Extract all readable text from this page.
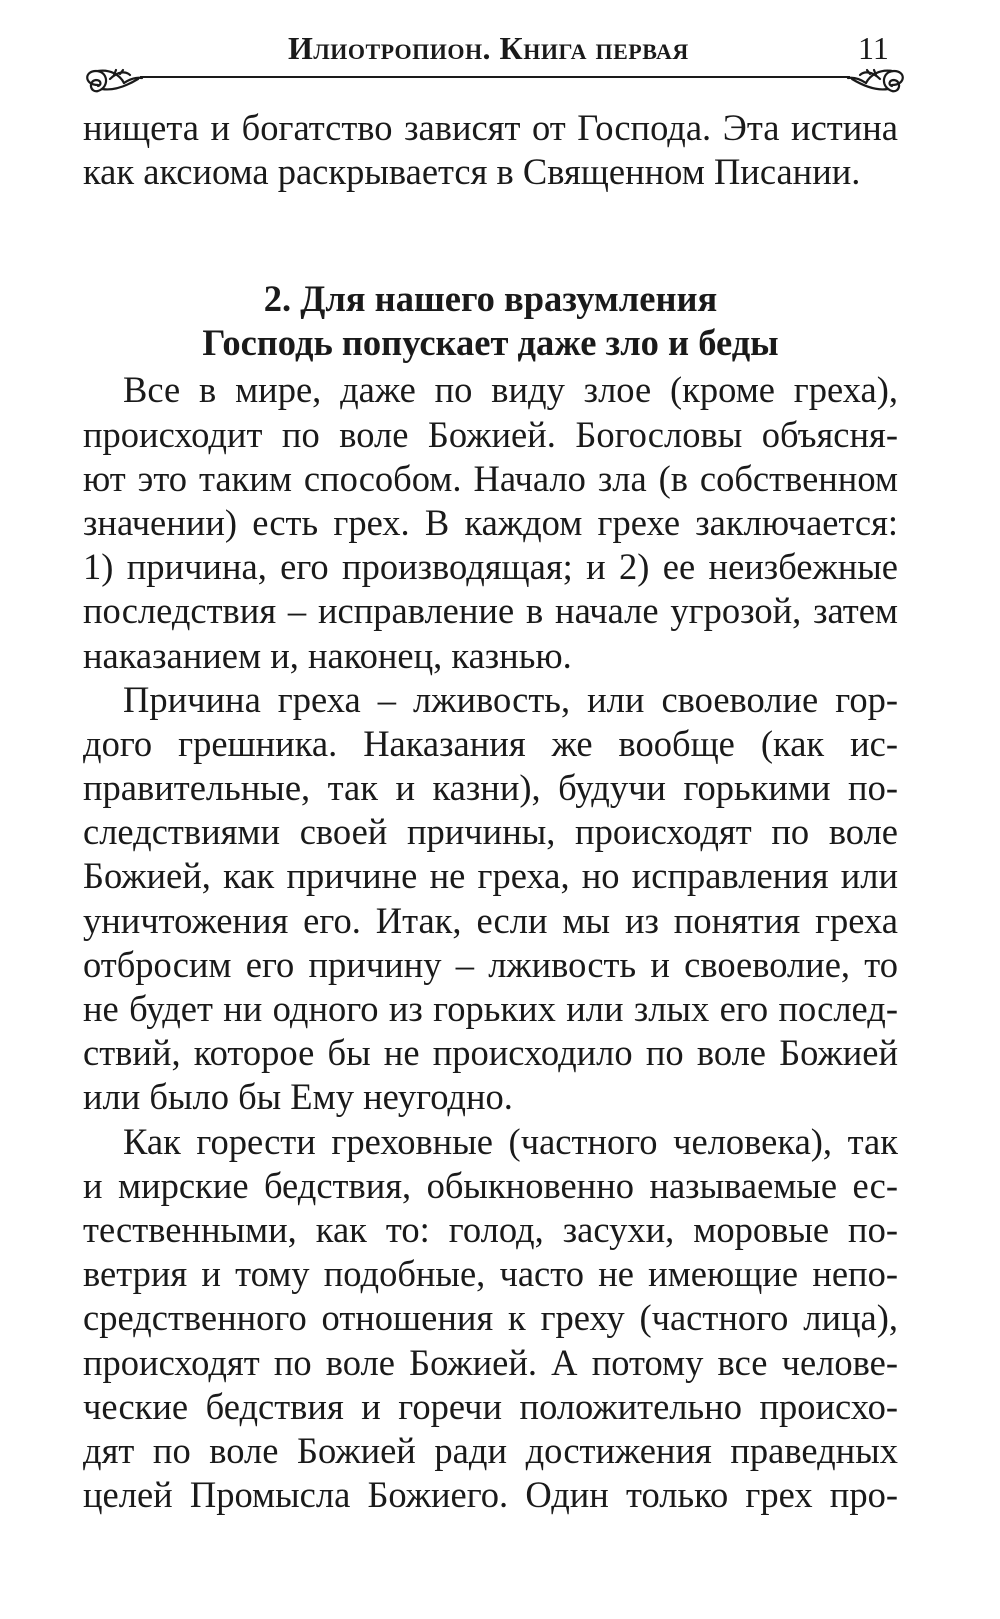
Илиотропион. Книга первая	11
нищета и богатство зависят от Господа. Эта истина
как аксиома раскрывается в Священном Писании.
2. Для нашего вразумления
Господь попускает даже зло и беды
Все в мире, даже по виду злое (кроме греха),
происходит по воле Божией. Богословы объясня-
ют это таким способом. Начало зла (в собственном
значении) есть грех. В каждом грехе заключается:
1) причина, его производящая; и 2) ее неизбежные
последствия – исправление в начале угрозой, затем
наказанием и, наконец, казнью.
Причина греха – лживость, или своеволие гор-
дого грешника. Наказания же вообще (как ис-
правительные, так и казни), будучи горькими по-
следствиями своей причины, происходят по воле
Божией, как причине не греха, но исправления или
уничтожения его. Итак, если мы из понятия греха
отбросим его причину – лживость и своеволие, то
не будет ни одного из горьких или злых его послед-
ствий, которое бы не происходило по воле Божией
или было бы Ему неугодно.
Как горести греховные (частного человека), так
и мирские бедствия, обыкновенно называемые ес-
тественными, как то: голод, засухи, моровые по-
ветрия и тому подобные, часто не имеющие непо-
средственного отношения к греху (частного лица),
происходят по воле Божией. А потому все челове-
ческие бедствия и горечи положительно происхо-
дят по воле Божией ради достижения праведных
целей Промысла Божиего. Один только грех про-
